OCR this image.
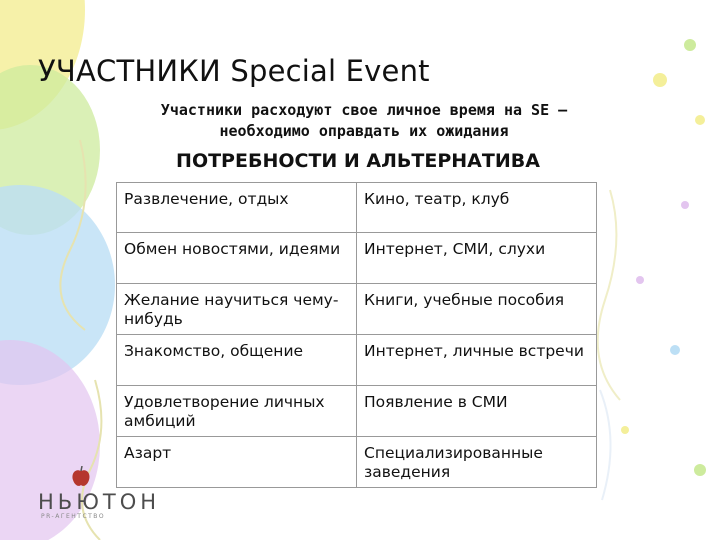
УЧАСТНИКИ Special Event
Участники расходуют свое личное время на SE –
необходимо оправдать их ожидания
ПОТРЕБНОСТИ И АЛЬТЕРНАТИВА
Развлечение, отдых	Кино, театр, клуб
Обмен новостями, идеями	Интернет, СМИ, слухи
Желание научиться чему-нибудь	Книги, учебные пособия
Знакомство, общение	Интернет, личные встречи
Удовлетворение личных амбиций	Появление в СМИ
Азарт	Специализированные заведения
НЬЮТОН
PR-АГЕНТСТВО
